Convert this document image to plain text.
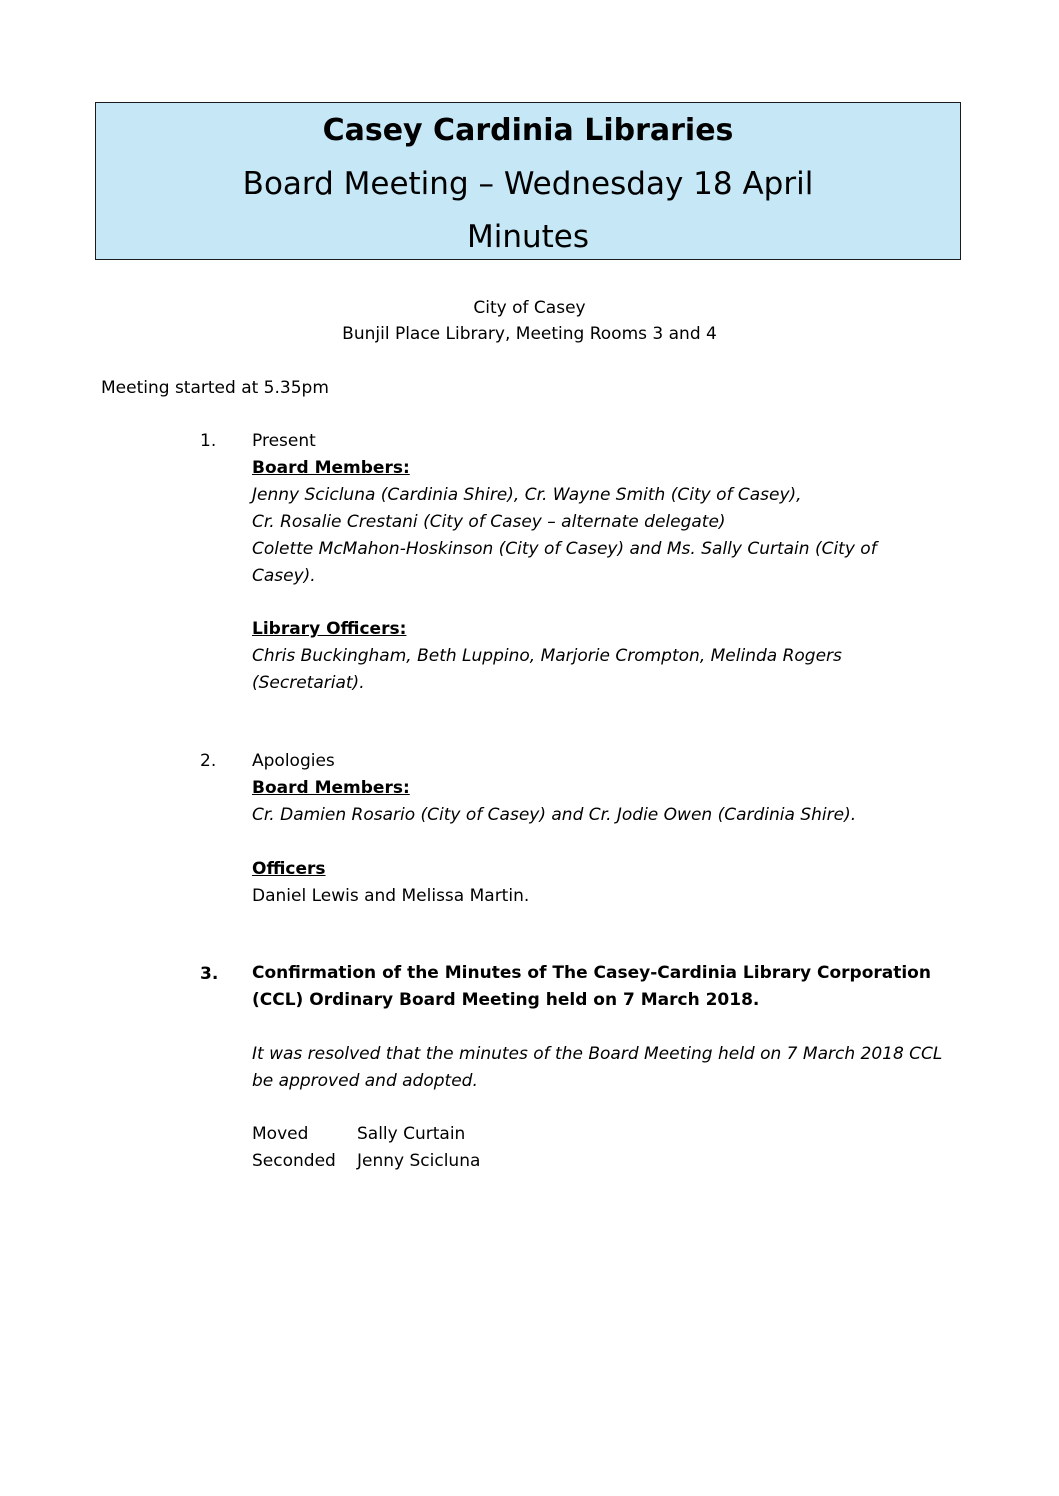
Casey Cardinia Libraries
Board Meeting – Wednesday 18 April
Minutes
City of Casey
Bunjil Place Library, Meeting Rooms 3 and 4
Meeting started at 5.35pm
1. Present

Board Members:

Jenny Scicluna (Cardinia Shire), Cr. Wayne Smith (City of Casey),

Cr. Rosalie Crestani (City of Casey – alternate delegate)

Colette McMahon-Hoskinson (City of Casey) and Ms. Sally Curtain (City of

Casey).

Library Officers:

Chris Buckingham, Beth Luppino, Marjorie Crompton, Melinda Rogers

(Secretariat).

2. Apologies

Board Members:

Cr. Damien Rosario (City of Casey) and Cr. Jodie Owen (Cardinia Shire).

Officers

Daniel Lewis and Melissa Martin.

3. Confirmation of the Minutes of The Casey-Cardinia Library Corporation

(CCL) Ordinary Board Meeting held on 7 March 2018.

It was resolved that the minutes of the Board Meeting held on 7 March 2018 CCL

be approved and adopted.

Moved	Sally Curtain
Seconded Jenny Scicluna
